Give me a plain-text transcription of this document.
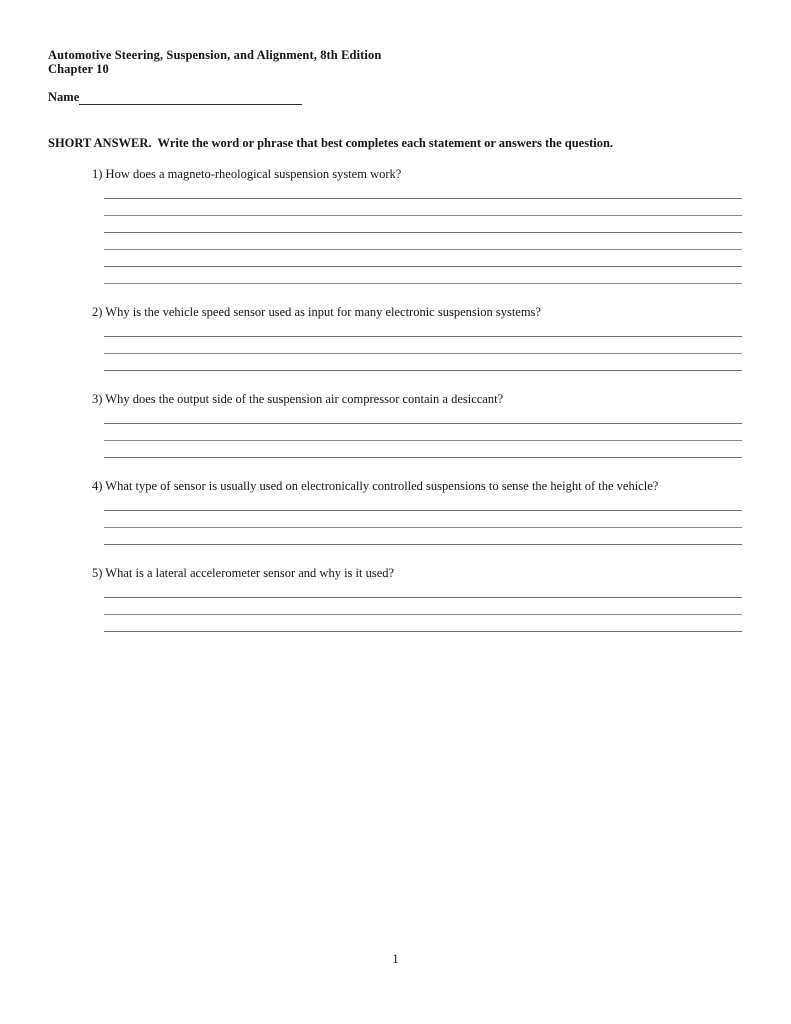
Automotive Steering, Suspension, and Alignment, 8th Edition
Chapter 10
Name
SHORT ANSWER.  Write the word or phrase that best completes each statement or answers the question.
1) How does a magneto-rheological suspension system work?
2) Why is the vehicle speed sensor used as input for many electronic suspension systems?
3) Why does the output side of the suspension air compressor contain a desiccant?
4) What type of sensor is usually used on electronically controlled suspensions to sense the height of the vehicle?
5) What is a lateral accelerometer sensor and why is it used?
1
